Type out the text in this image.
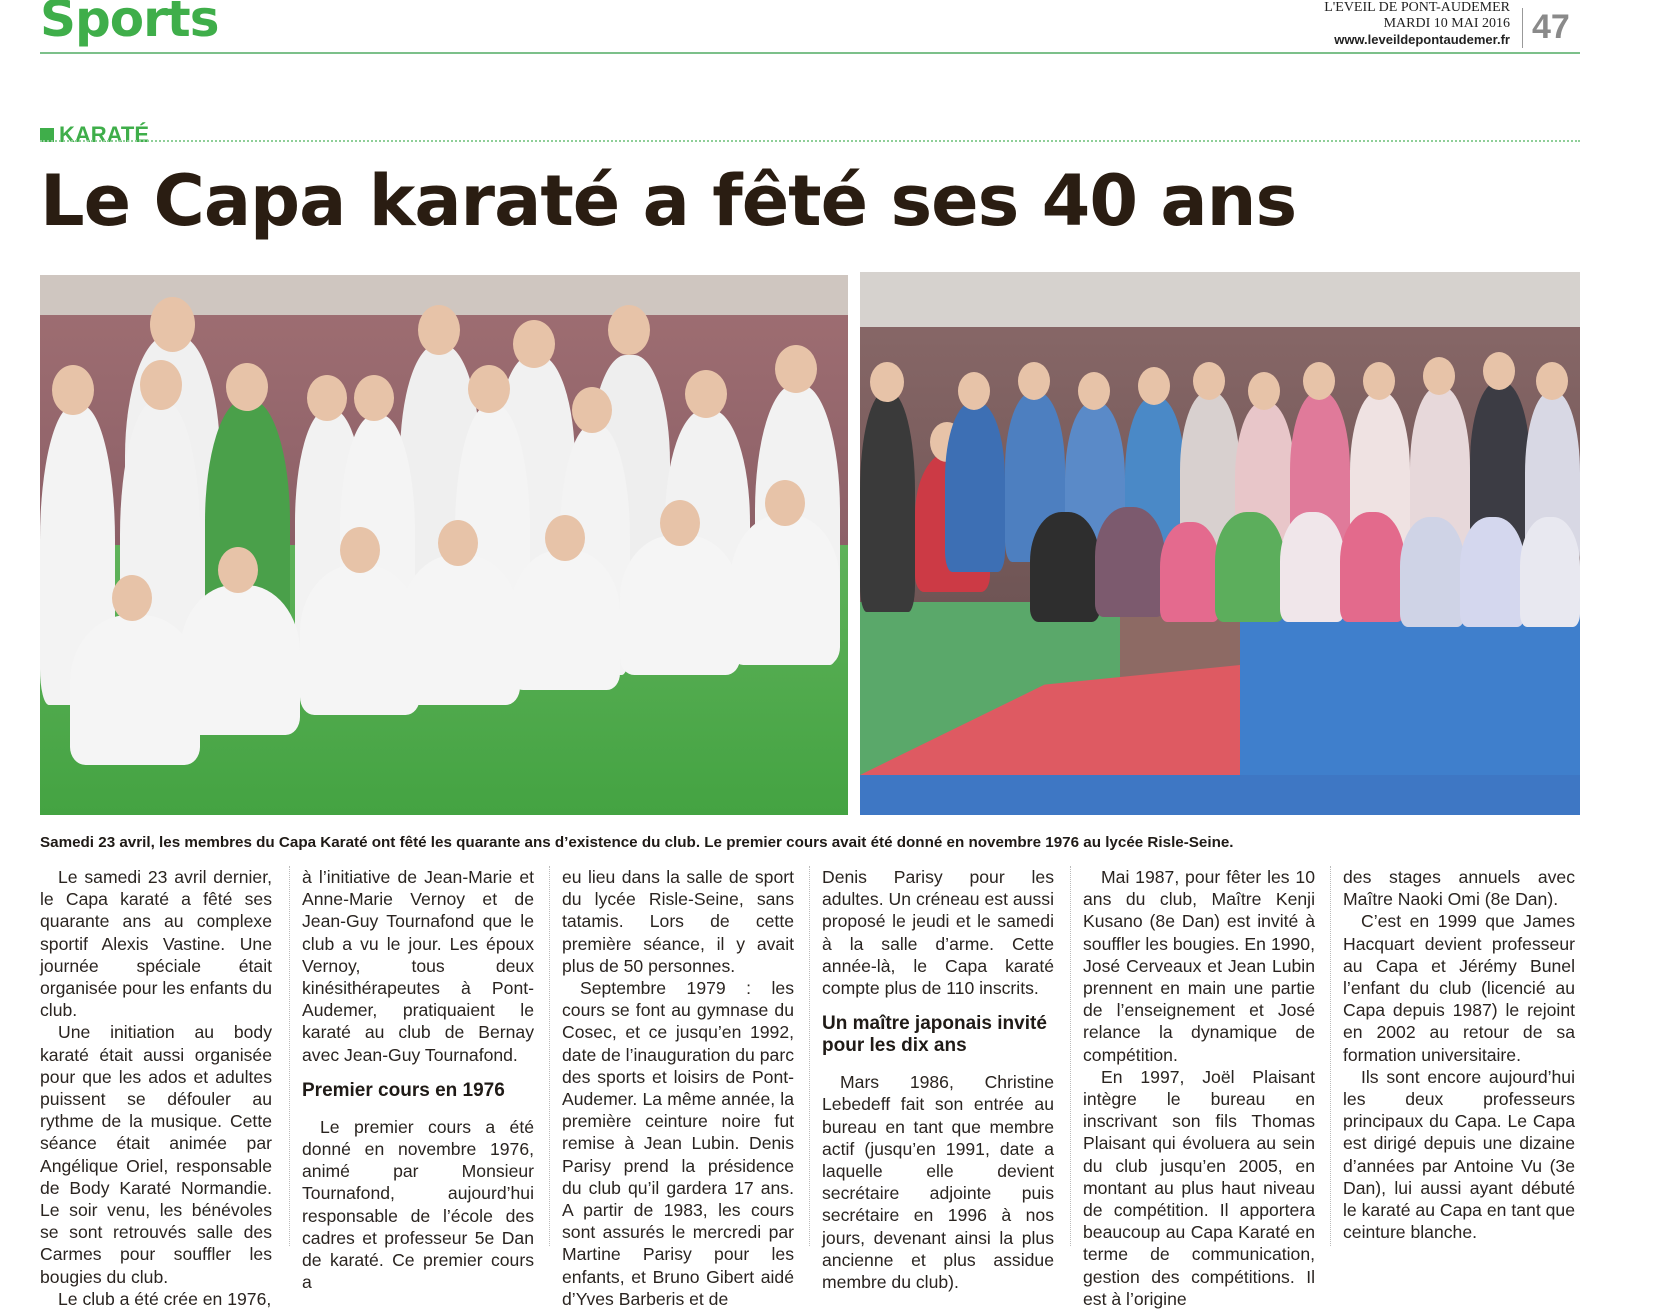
Sports	L'EVEIL DE PONT-AUDEMER
MARDI 10 MAI 2016
www.leveildepontaudemer.fr 47
KARATÉ
Le Capa karaté a fêté ses 40 ans
Samedi 23 avril, les membres du Capa Karaté ont fêté les quarante ans d’existence du club. Le premier cours avait été donné en novembre 1976 au lycée Risle-Seine.

Le samedi 23 avril dernier, le Capa karaté a fêté ses quarante ans au complexe sportif Alexis Vastine. Une journée spéciale était organisée pour les enfants du club.

Une initiation au body karaté était aussi organisée pour que les ados et adultes puissent se défouler au rythme de la musique. Cette séance était animée par Angélique Oriel, responsable de Body Karaté Normandie. Le soir venu, les bénévoles se sont retrouvés salle des Carmes pour souffler les bougies du club.

Le club a été crée en 1976,

à l’initiative de Jean-Marie et Anne-Marie Vernoy et de Jean-Guy Tournafond que le club a vu le jour. Les époux Vernoy, tous deux kinésithérapeutes à Pont-Audemer, pratiquaient le karaté au club de Bernay avec Jean-Guy Tournafond.

Premier cours en 1976

Le premier cours a été donné en novembre 1976, animé par Monsieur Tournafond, aujourd’hui responsable de l’école des cadres et professeur 5e Dan de karaté. Ce premier cours a

eu lieu dans la salle de sport du lycée Risle-Seine, sans tatamis. Lors de cette première séance, il y avait plus de 50 personnes.

Septembre 1979 : les cours se font au gymnase du Cosec, et ce jusqu’en 1992, date de l’inauguration du parc des sports et loisirs de Pont-Audemer. La même année, la première ceinture noire fut remise à Jean Lubin. Denis Parisy prend la présidence du club qu’il gardera 17 ans. A partir de 1983, les cours sont assurés le mercredi par Martine Parisy pour les enfants, et Bruno Gibert aidé d’Yves Barberis et de

Denis Parisy pour les adultes. Un créneau est aussi proposé le jeudi et le samedi à la salle d’arme. Cette année-là, le Capa karaté compte plus de 110 inscrits.

Un maître japonais invité pour les dix ans

Mars 1986, Christine Lebedeff fait son entrée au bureau en tant que membre actif (jusqu’en 1991, date a laquelle elle devient secrétaire adjointe puis secrétaire en 1996 à nos jours, devenant ainsi la plus ancienne et plus assidue membre du club).

Mai 1987, pour fêter les 10 ans du club, Maître Kenji Kusano (8e Dan) est invité à souffler les bougies. En 1990, José Cerveaux et Jean Lubin prennent en main une partie de l’enseignement et José relance la dynamique de compétition.

En 1997, Joël Plaisant intègre le bureau en inscrivant son fils Thomas Plaisant qui évoluera au sein du club jusqu’en 2005, en montant au plus haut niveau de compétition. Il apportera beaucoup au Capa Karaté en terme de communication, gestion des compétitions. Il est à l’origine

des stages annuels avec Maître Naoki Omi (8e Dan).

C’est en 1999 que James Hacquart devient professeur au Capa et Jérémy Bunel l’enfant du club (licencié au Capa depuis 1987) le rejoint en 2002 au retour de sa formation universitaire.

Ils sont encore aujourd’hui les deux professeurs principaux du Capa. Le Capa est dirigé depuis une dizaine d’années par Antoine Vu (3e Dan), lui aussi ayant débuté le karaté au Capa en tant que ceinture blanche.
